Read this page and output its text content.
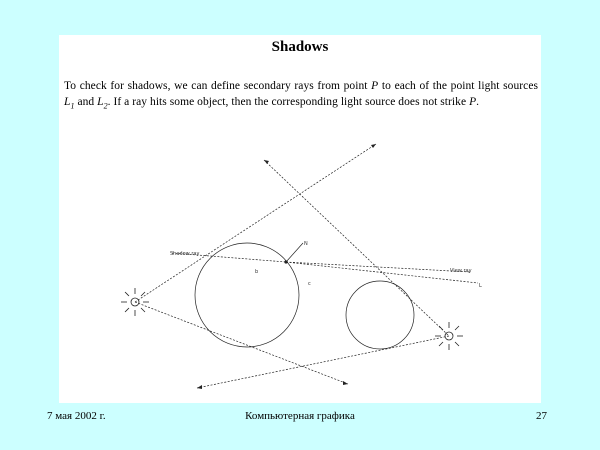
Shadows
To check for shadows, we can define secondary rays from point P to each of the point light sources $L_1$ and $L_2$. If a ray hits some object, then the corresponding light source does not strike P.
Shadow ray
View ray
b
c
N
L
7 мая 2002 г.	Компьютерная графика	27
